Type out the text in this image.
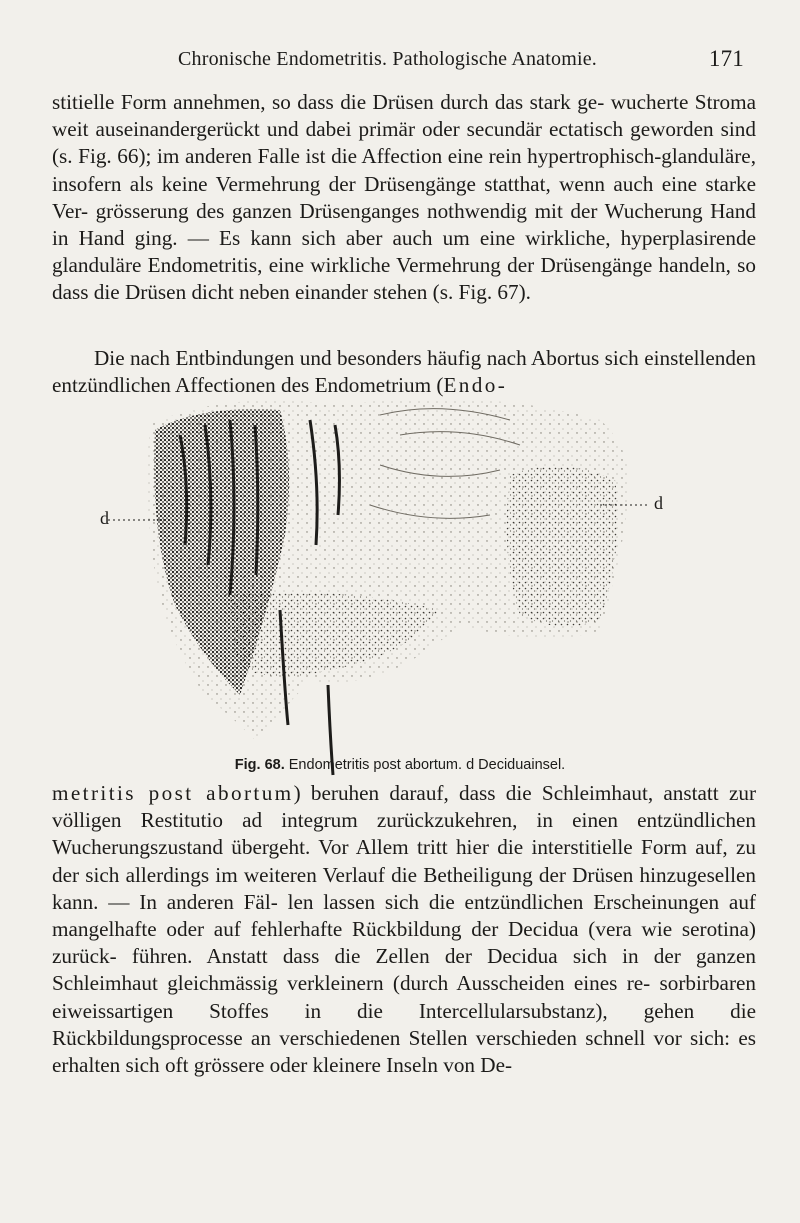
Chronische Endometritis. Pathologische Anatomie.	171

stitielle Form annehmen, so dass die Drüsen durch das stark ge- wucherte Stroma weit auseinandergerückt und dabei primär oder secundär ectatisch geworden sind (s. Fig. 66); im anderen Falle ist die Affection eine rein hypertrophisch-glanduläre, insofern als keine Vermehrung der Drüsengänge statthat, wenn auch eine starke Ver- grösserung des ganzen Drüsenganges nothwendig mit der Wucherung Hand in Hand ging. — Es kann sich aber auch um eine wirkliche, hyperplasirende glanduläre Endometritis, eine wirkliche Vermehrung der Drüsengänge handeln, so dass die Drüsen dicht neben einander stehen (s. Fig. 67).

Die nach Entbindungen und besonders häufig nach Abortus sich einstellenden entzündlichen Affectionen des Endometrium (Endo-

d
d
Fig. 68. Endometritis post abortum. d Deciduainsel.

metritis post abortum) beruhen darauf, dass die Schleimhaut, anstatt zur völligen Restitutio ad integrum zurückzukehren, in einen entzündlichen Wucherungszustand übergeht. Vor Allem tritt hier die interstitielle Form auf, zu der sich allerdings im weiteren Verlauf die Betheiligung der Drüsen hinzugesellen kann. — In anderen Fäl- len lassen sich die entzündlichen Erscheinungen auf mangelhafte oder auf fehlerhafte Rückbildung der Decidua (vera wie serotina) zurück- führen. Anstatt dass die Zellen der Decidua sich in der ganzen Schleimhaut gleichmässig verkleinern (durch Ausscheiden eines re- sorbirbaren eiweissartigen Stoffes in die Intercellularsubstanz), gehen die Rückbildungsprocesse an verschiedenen Stellen verschieden schnell vor sich: es erhalten sich oft grössere oder kleinere Inseln von De-
